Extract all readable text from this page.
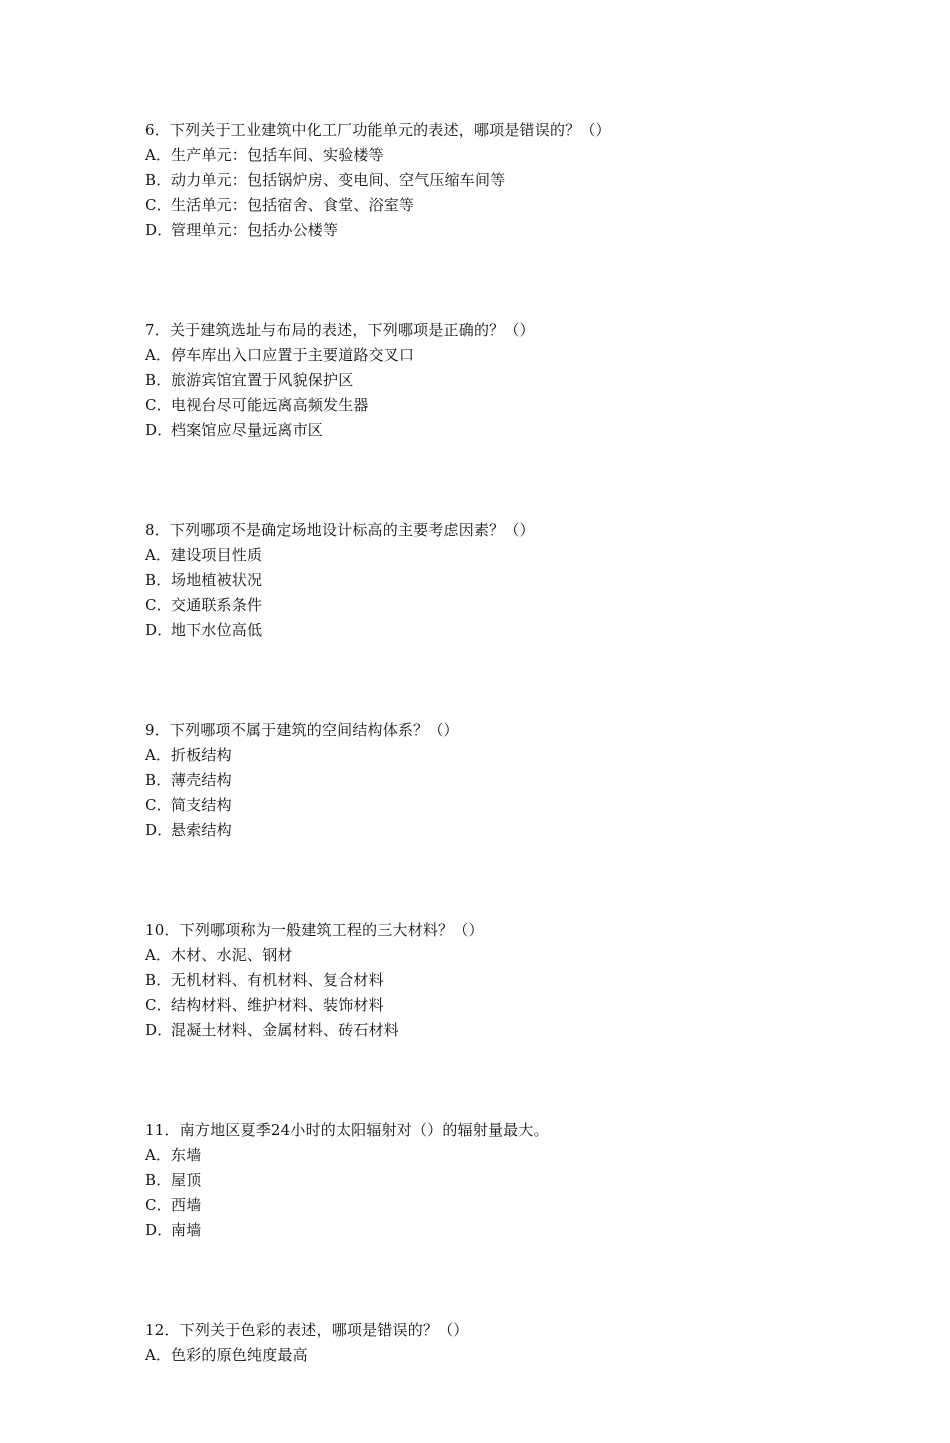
6．下列关于工业建筑中化工厂功能单元的表述，哪项是错误的？（）
A．生产单元：包括车间、实验楼等
B．动力单元：包括锅炉房、变电间、空气压缩车间等
C．生活单元：包括宿舍、食堂、浴室等
D．管理单元：包括办公楼等
7．关于建筑选址与布局的表述，下列哪项是正确的？（）
A．停车库出入口应置于主要道路交叉口
B．旅游宾馆宜置于风貌保护区
C．电视台尽可能远离高频发生器
D．档案馆应尽量远离市区
8．下列哪项不是确定场地设计标高的主要考虑因素？（）
A．建设项目性质
B．场地植被状况
C．交通联系条件
D．地下水位高低
9．下列哪项不属于建筑的空间结构体系？（）
A．折板结构
B．薄壳结构
C．简支结构
D．悬索结构
10．下列哪项称为一般建筑工程的三大材料？（）
A．木材、水泥、钢材
B．无机材料、有机材料、复合材料
C．结构材料、维护材料、装饰材料
D．混凝土材料、金属材料、砖石材料
11．南方地区夏季24小时的太阳辐射对（）的辐射量最大。
A．东墙
B．屋顶
C．西墙
D．南墙
12．下列关于色彩的表述，哪项是错误的？（）
A．色彩的原色纯度最高
